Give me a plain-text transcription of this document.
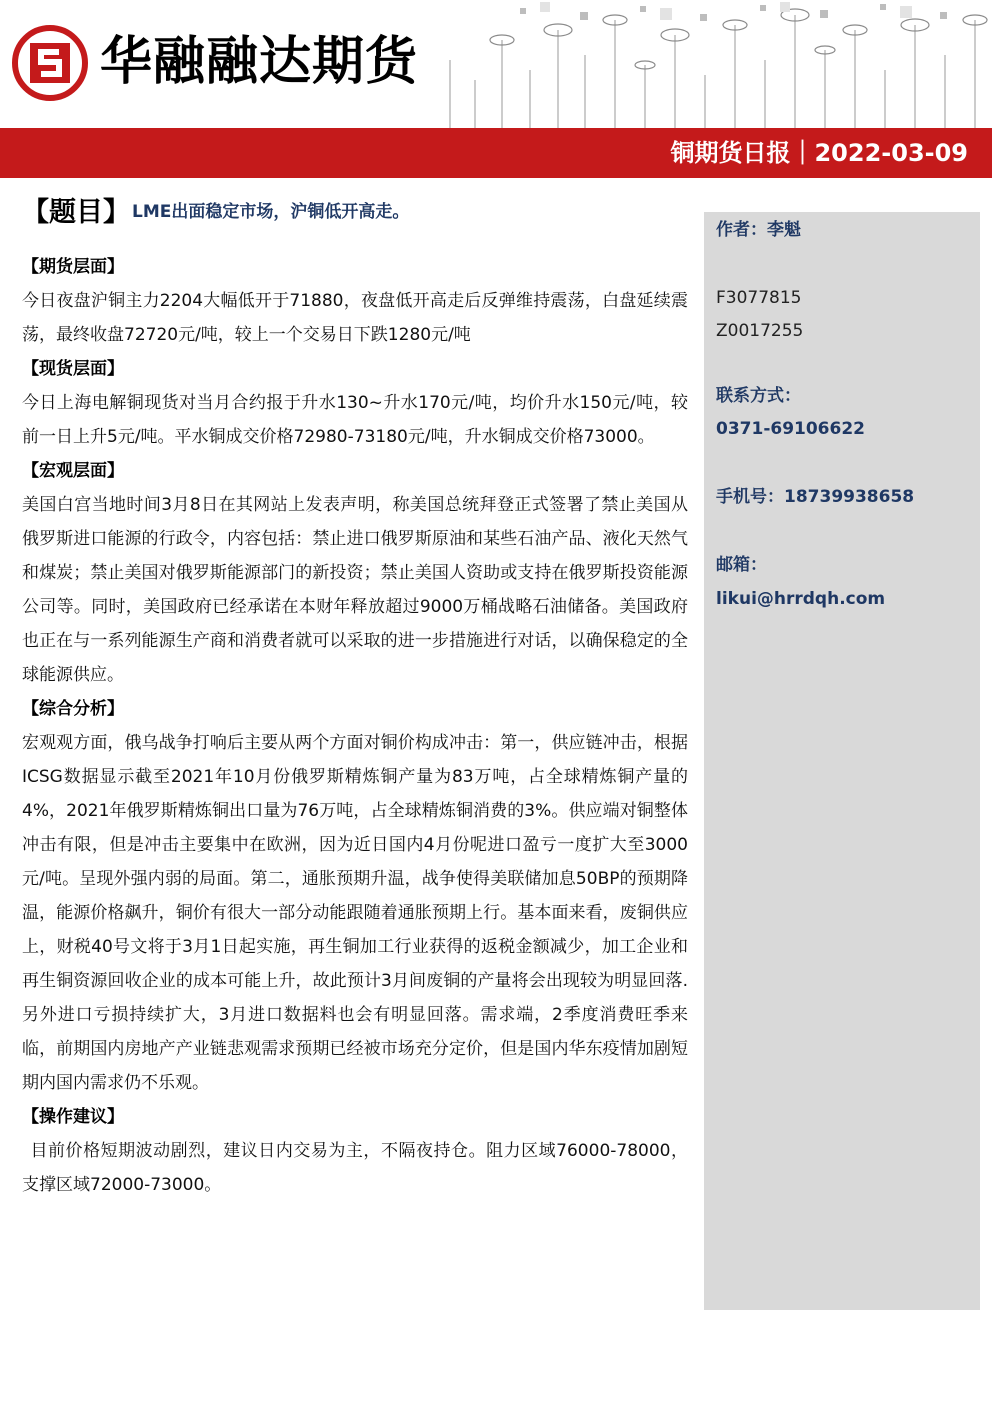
华融融达期货
铜期货日报｜2022-03-09
作者：李魁
F3077815
Z0017255
联系方式：
0371-69106622
手机号：18739938658
邮箱：
likui@hrrdqh.com
【题目】 LME出面稳定市场，沪铜低开高走。
【期货层面】

今日夜盘沪铜主力2204大幅低开于71880，夜盘低开高走后反弹维持震荡，白盘延续震荡，最终收盘72720元/吨，较上一个交易日下跌1280元/吨

【现货层面】

今日上海电解铜现货对当月合约报于升水130~升水170元/吨，均价升水150元/吨，较前一日上升5元/吨。平水铜成交价格72980-73180元/吨，升水铜成交价格73000。

【宏观层面】

美国白宫当地时间3月8日在其网站上发表声明，称美国总统拜登正式签署了禁止美国从俄罗斯进口能源的行政令，内容包括：禁止进口俄罗斯原油和某些石油产品、液化天然气和煤炭；禁止美国对俄罗斯能源部门的新投资；禁止美国人资助或支持在俄罗斯投资能源公司等。同时，美国政府已经承诺在本财年释放超过9000万桶战略石油储备。美国政府也正在与一系列能源生产商和消费者就可以采取的进一步措施进行对话，以确保稳定的全球能源供应。

【综合分析】

宏观观方面，俄乌战争打响后主要从两个方面对铜价构成冲击：第一，供应链冲击，根据ICSG数据显示截至2021年10月份俄罗斯精炼铜产量为83万吨，占全球精炼铜产量的4%，2021年俄罗斯精炼铜出口量为76万吨，占全球精炼铜消费的3%。供应端对铜整体冲击有限，但是冲击主要集中在欧洲，因为近日国内4月份呢进口盈亏一度扩大至3000元/吨。呈现外强内弱的局面。第二，通胀预期升温，战争使得美联储加息50BP的预期降温，能源价格飙升，铜价有很大一部分动能跟随着通胀预期上行。基本面来看，废铜供应上，财税40号文将于3月1日起实施，再生铜加工行业获得的返税金额减少，加工企业和再生铜资源回收企业的成本可能上升，故此预计3月间废铜的产量将会出现较为明显回落.另外进口亏损持续扩大，3月进口数据料也会有明显回落。需求端，2季度消费旺季来临，前期国内房地产产业链悲观需求预期已经被市场充分定价，但是国内华东疫情加剧短期内国内需求仍不乐观。

【操作建议】

目前价格短期波动剧烈，建议日内交易为主，不隔夜持仓。阻力区域76000-78000，支撑区域72000-73000。
